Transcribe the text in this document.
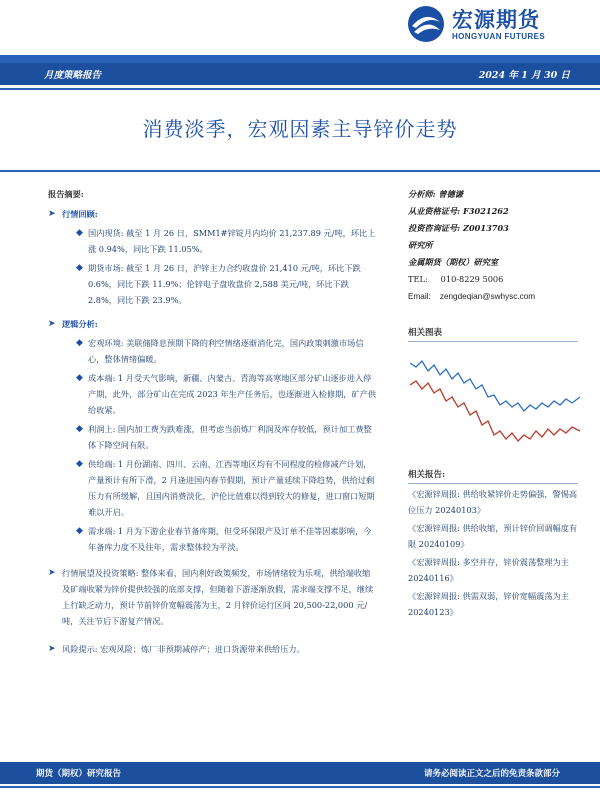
宏源期货
HONGYUAN FUTURES
月度策略报告	2024 年 1 月 30 日
消费淡季，宏观因素主导锌价走势
报告摘要:
➤ 行情回顾:
◆ 国内现货: 截至 1 月 26 日，SMM1#锌锭月内均价 21,237.89 元/吨，环比上涨 0.94%，同比下跌 11.05%。
◆ 期货市场: 截至 1 月 26 日，沪锌主力合约收盘价 21,410 元/吨，环比下跌 0.6%，同比下跌 11.9%；伦锌电子盘收盘价 2,588 美元/吨，环比下跌 2.8%，同比下跌 23.9%。
➤ 逻辑分析:
◆ 宏观环境: 美联储降息预期下降的利空情绪逐渐消化完，国内政策刺激市场信心，整体情绪偏暖。
◆ 成本端: 1 月受天气影响，新疆、内蒙古、青海等高寒地区部分矿山逐步进入停产期，此外，部分矿山在完成 2023 年生产任务后，也逐渐进入检修期，矿产供给收紧。
◆ 利润上: 国内加工费为跌难涨，但考虑当前炼厂利润及库存较低，预计加工费整体下降空间有限。
◆ 供给端: 1 月份湖南、四川、云南、江西等地区均有不同程度的检修减产计划，产量预计有所下滑，2 月逢进国内春节假期，预计产量延续下降趋势，供给过剩压力有所缓解，且国内消费淡化，沪伦比值难以得到较大的修复，进口窗口短期难以开启。
◆ 需求端: 1 月为下游企业春节备库期，但受环保限产及订单不佳等因素影响，今年备库力度不及往年，需求整体较为平淡。
➤ 行情展望及投资策略: 整体来看，国内利好政策频发，市场情绪较为乐观，供给端收缩及矿端收紧为锌价提供较强的底部支撑，但随着下游逐渐放假，需求端支撑不足，继续上行缺乏动力，预计节前锌价宽幅震荡为主，2 月锌价运行区间 20,500-22,000 元/吨，关注节后下游复产情况。
➤ 风险提示: 宏观风险；炼厂非预期减停产；进口货源带来供给压力。
分析师: 曾德谦
从业资格证号: F3021262
投资咨询证号: Z0013703
研究所
金属期货（期权）研究室
TEL:     010-8229 5006
Email:    zengdeqian@swhysc.com
相关图表
相关报告:
《宏源锌周报: 供给收紧锌价走势偏强，警惕高位压力 20240103》
《宏源锌周报: 供给收缩，预计锌价回调幅度有限 20240109》
《宏源锌周报: 多空并存，锌价震荡整理为主 20240116》
《宏源锌周报: 供需双弱，锌价宽幅震荡为主 20240123》
期货（期权）研究报告	请务必阅读正文之后的免责条款部分
